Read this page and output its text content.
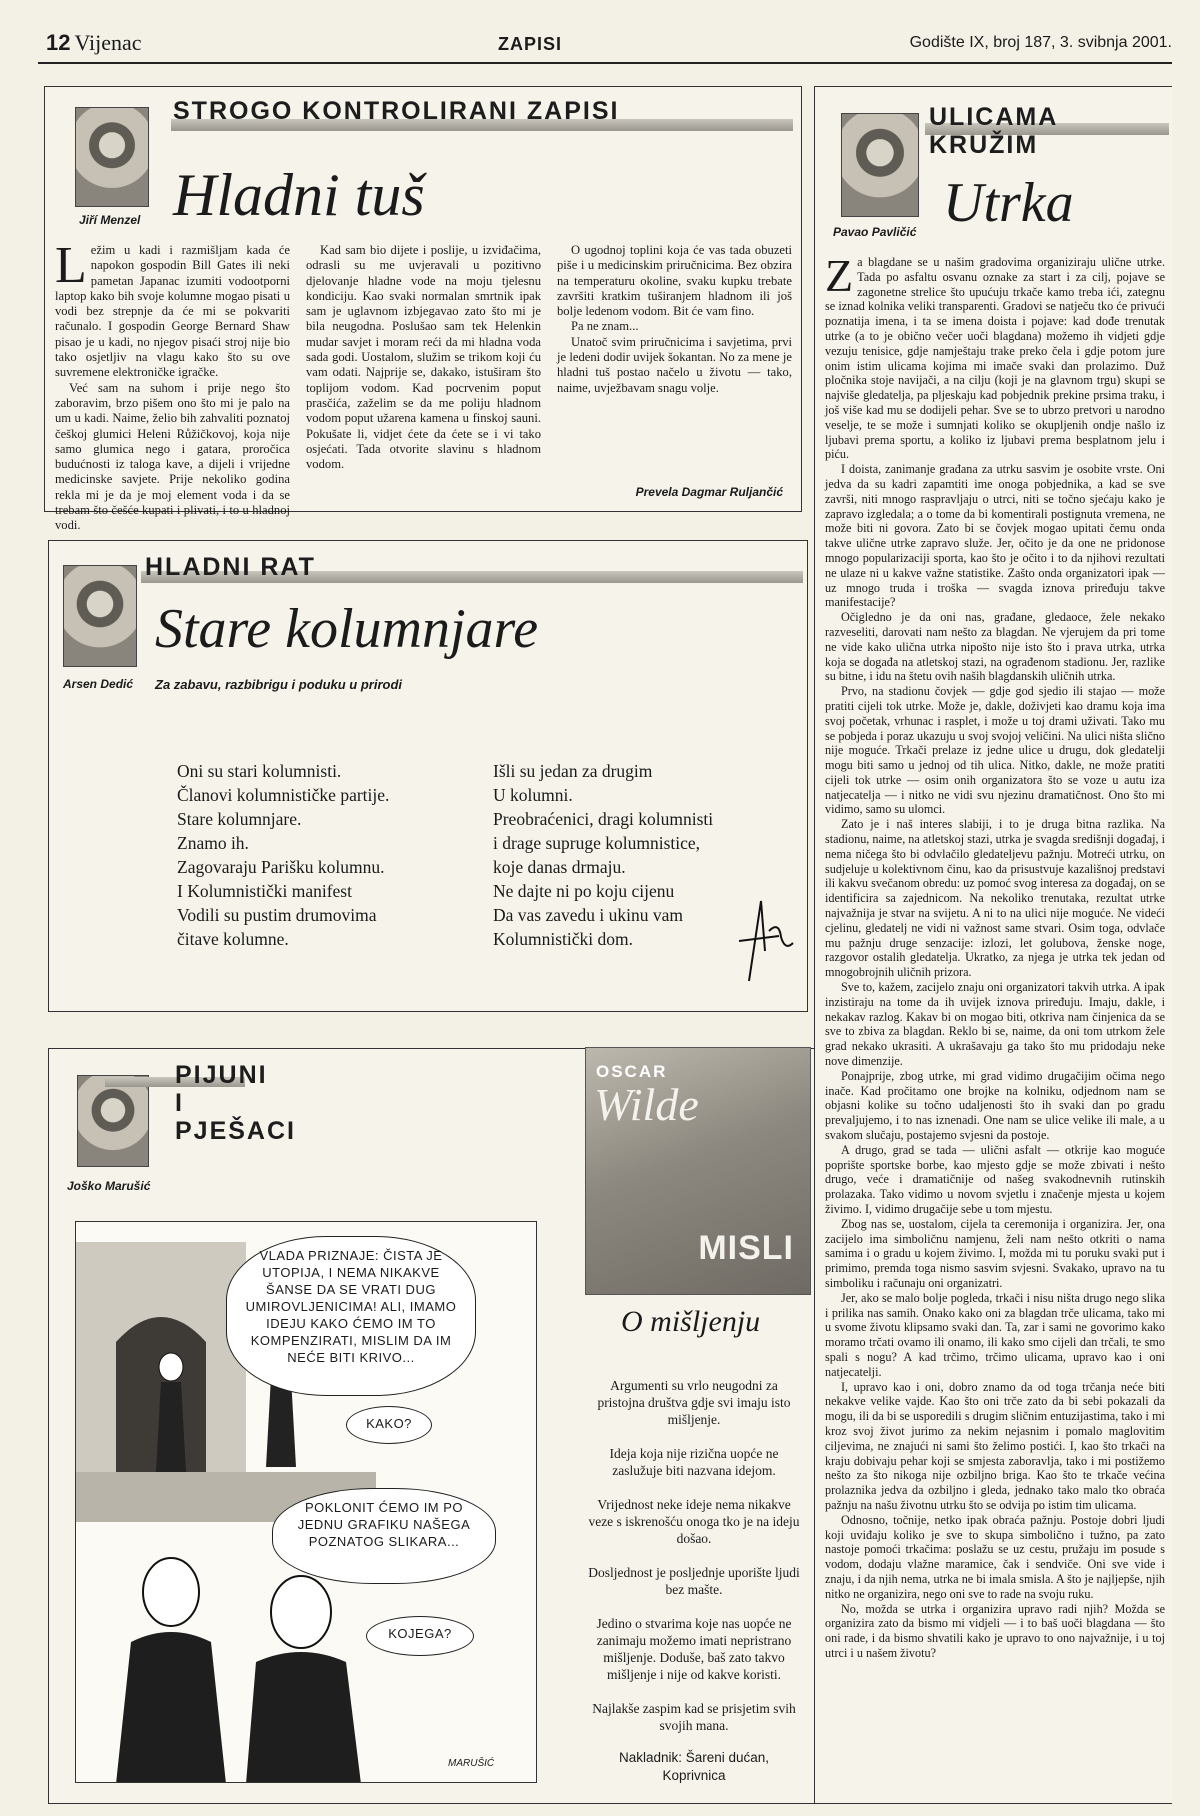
12 Vijenac	ZAPISI	Godište IX, broj 187, 3. svibnja 2001.
Jiří Menzel
STROGO KONTROLIRANI ZAPISI
Hladni tuš

Ležim u kadi i razmišljam kada će napokon gospodin Bill Gates ili neki pametan Japanac izumiti vodootporni laptop kako bih svoje kolumne mogao pisati u vodi bez strepnje da će mi se pokvariti računalo. I gospodin George Bernard Shaw pisao je u kadi, no njegov pisaći stroj nije bio tako osjetljiv na vlagu kako što su ove suvremene elektroničke igračke.

Već sam na suhom i prije nego što zaboravim, brzo pišem ono što mi je palo na um u kadi. Naime, želio bih zahvaliti poznatoj češkoj glumici Heleni Růžičkovoj, koja nije samo glumica nego i gatara, proročica budućnosti iz taloga kave, a dijeli i vrijedne medicinske savjete. Prije nekoliko godina rekla mi je da je moj element voda i da se trebam što češće kupati i plivati, i to u hladnoj vodi.

Kad sam bio dijete i poslije, u izviđačima, odrasli su me uvjeravali u pozitivno djelovanje hladne vode na moju tjelesnu kondiciju. Kao svaki normalan smrtnik ipak sam je uglavnom izbjegavao zato što mi je bila neugodna. Poslušao sam tek Helenkin mudar savjet i moram reći da mi hladna voda sada godi. Uostalom, služim se trikom koji ću vam odati. Najprije se, dakako, istuširam što toplijom vodom. Kad pocrvenim poput prasčića, zaželim se da me poliju hladnom vodom poput užarena kamena u finskoj sauni. Pokušate li, vidjet ćete da ćete se i vi tako osjećati. Tada otvorite slavinu s hladnom vodom.

O ugodnoj toplini koja će vas tada obuzeti piše i u medicinskim priručnicima. Bez obzira na temperaturu okoline, svaku kupku trebate završiti kratkim tuširanjem hladnom ili još bolje ledenom vodom. Bit će vam fino.

Pa ne znam...

Unatoč svim priručnicima i savjetima, prvi je ledeni dodir uvijek šokantan. No za mene je hladni tuš postao načelo u životu — tako, naime, uvježbavam snagu volje.

Prevela Dagmar Ruljančić
Arsen Dedić
HLADNI RAT
Stare kolumnjare
Za zabavu, razbibrigu i poduku u prirodi
Oni su stari kolumnisti.
Članovi kolumnističke partije.
Stare kolumnjare.
Znamo ih.
Zagovaraju Parišku kolumnu.
I Kolumnistički manifest
Vodili su pustim drumovima
čitave kolumne.
Išli su jedan za drugim
U kolumni.
Preobraćenici, dragi kolumnisti
i drage supruge kolumnistice,
koje danas drmaju.
Ne dajte ni po koju cijenu
Da vas zavedu i ukinu vam
Kolumnistički dom.
Joško Marušić
PIJUNI
I
PJEŠACI
VLADA PRIZNAJE: ČISTA JE UTOPIJA, I NEMA NIKAKVE ŠANSE DA SE VRATI DUG UMIROVLJENICIMA! ALI, IMAMO IDEJU KAKO ĆEMO IM TO KOMPENZIRATI, MISLIM DA IM NEĆE BITI KRIVO...
KAKO?
POKLONIT ĆEMO IM PO JEDNU GRAFIKU NAŠEGA POZNATOG SLIKARA...
KOJEGA?
MARUŠIĆ
OSCAR
Wilde
MISLI
O mišljenju

Argumenti su vrlo neugodni za pristojna društva gdje svi imaju isto mišljenje.

Ideja koja nije rizična uopće ne zaslužuje biti nazvana idejom.

Vrijednost neke ideje nema nikakve veze s iskrenošću onoga tko je na ideju došao.

Dosljednost je posljednje uporište ljudi bez mašte.

Jedino o stvarima koje nas uopće ne zanimaju možemo imati nepristrano mišljenje. Doduše, baš zato takvo mišljenje i nije od kakve koristi.

Najlakše zaspim kad se prisjetim svih svojih mana.

Nakladnik: Šareni dućan,
Koprivnica
Pavao Pavličić
ULICAMA
KRUŽIM
Utrka

Za blagdane se u našim gradovima organiziraju ulične utrke. Tada po asfaltu osvanu oznake za start i za cilj, pojave se zagonetne strelice što upućuju trkače kamo treba ići, zategnu se iznad kolnika veliki transparenti. Gradovi se natječu tko će privući poznatija imena, i ta se imena doista i pojave: kad dođe trenutak utrke (a to je obično večer uoči blagdana) možemo ih vidjeti gdje vezuju tenisice, gdje namještaju trake preko čela i gdje potom jure onim istim ulicama kojima mi imače svaki dan prolazimo. Duž pločnika stoje navijači, a na cilju (koji je na glavnom trgu) skupi se najviše gledatelja, pa pljeskaju kad pobjednik prekine prsima traku, i još više kad mu se dodijeli pehar. Sve se to ubrzo pretvori u narodno veselje, te se može i sumnjati koliko se okupljenih ondje našlo iz ljubavi prema sportu, a koliko iz ljubavi prema besplatnom jelu i piću.

I doista, zanimanje građana za utrku sasvim je osobite vrste. Oni jedva da su kadri zapamtiti ime onoga pobjednika, a kad se sve završi, niti mnogo raspravljaju o utrci, niti se točno sjećaju kako je zapravo izgledala; a o tome da bi komentirali postignuta vremena, ne može biti ni govora. Zato bi se čovjek mogao upitati čemu onda takve ulične utrke zapravo služe. Jer, očito je da one ne pridonose mnogo popularizaciji sporta, kao što je očito i to da njihovi rezultati ne ulaze ni u kakve važne statistike. Zašto onda organizatori ipak — uz mnogo truda i troška — svagda iznova priređuju takve manifestacije?

Očigledno je da oni nas, građane, gledaoce, žele nekako razveseliti, darovati nam nešto za blagdan. Ne vjerujem da pri tome ne vide kako ulična utrka nipošto nije isto što i prava utrka, utrka koja se događa na atletskoj stazi, na ograđenom stadionu. Jer, razlike su bitne, i idu na štetu ovih naših blagdanskih uličnih utrka.

Prvo, na stadionu čovjek — gdje god sjedio ili stajao — može pratiti cijeli tok utrke. Može je, dakle, doživjeti kao dramu koja ima svoj početak, vrhunac i rasplet, i može u toj drami uživati. Tako mu se pobjeda i poraz ukazuju u svoj svojoj veličini. Na ulici ništa slično nije moguće. Trkači prelaze iz jedne ulice u drugu, dok gledatelji mogu biti samo u jednoj od tih ulica. Nitko, dakle, ne može pratiti cijeli tok utrke — osim onih organizatora što se voze u autu iza natjecatelja — i nitko ne vidi svu njezinu dramatičnost. Ono što mi vidimo, samo su ulomci.

Zato je i naš interes slabiji, i to je druga bitna razlika. Na stadionu, naime, na atletskoj stazi, utrka je svagda središnji događaj, i nema ničega što bi odvlačilo gledateljevu pažnju. Motreći utrku, on sudjeluje u kolektivnom činu, kao da prisustvuje kazališnoj predstavi ili kakvu svečanom obredu: uz pomoć svog interesa za događaj, on se identificira sa zajednicom. Na nekoliko trenutaka, rezultat utrke najvažnija je stvar na svijetu. A ni to na ulici nije moguće. Ne videći cjelinu, gledatelj ne vidi ni važnost same stvari. Osim toga, odvlače mu pažnju druge senzacije: izlozi, let golubova, ženske noge, razgovor ostalih gledatelja. Ukratko, za njega je utrka tek jedan od mnogobrojnih uličnih prizora.

Sve to, kažem, zacijelo znaju oni organizatori takvih utrka. A ipak inzistiraju na tome da ih uvijek iznova priređuju. Imaju, dakle, i nekakav razlog. Kakav bi on mogao biti, otkriva nam činjenica da se sve to zbiva za blagdan. Reklo bi se, naime, da oni tom utrkom žele grad nekako ukrasiti. A ukrašavaju ga tako što mu pridodaju neke nove dimenzije.

Ponajprije, zbog utrke, mi grad vidimo drugačijim očima nego inače. Kad pročitamo one brojke na kolniku, odjednom nam se objasni kolike su točno udaljenosti što ih svaki dan po gradu prevaljujemo, i to nas iznenadi. One nam se ulice velike ili male, a u svakom slučaju, postajemo svjesni da postoje.

A drugo, grad se tada — ulični asfalt — otkrije kao moguće poprište sportske borbe, kao mjesto gdje se može zbivati i nešto drugo, veće i dramatičnije od našeg svakodnevnih rutinskih prolazaka. Tako vidimo u novom svjetlu i značenje mjesta u kojem živimo. I, vidimo drugačije sebe u tom mjestu.

Zbog nas se, uostalom, cijela ta ceremonija i organizira. Jer, ona zacijelo ima simboličnu namjenu, želi nam nešto otkriti o nama samima i o gradu u kojem živimo. I, možda mi tu poruku svaki put i primimo, premda toga nismo sasvim svjesni. Svakako, upravo na tu simboliku i računaju oni organizatri.

Jer, ako se malo bolje pogleda, trkači i nisu ništa drugo nego slika i prilika nas samih. Onako kako oni za blagdan trče ulicama, tako mi u svome životu klipsamo svaki dan. Ta, zar i sami ne govorimo kako moramo trčati ovamo ili onamo, ili kako smo cijeli dan trčali, te smo spali s nogu? A kad trčimo, trčimo ulicama, upravo kao i oni natjecatelji.

I, upravo kao i oni, dobro znamo da od toga trčanja neće biti nekakve velike vajde. Kao što oni trče zato da bi sebi pokazali da mogu, ili da bi se usporedili s drugim sličnim entuzijastima, tako i mi kroz svoj život jurimo za nekim nejasnim i pomalo maglovitim ciljevima, ne znajući ni sami što želimo postići. I, kao što trkači na kraju dobivaju pehar koji se smjesta zaboravlja, tako i mi postižemo nešto za što nikoga nije ozbiljno briga. Kao što te trkače većina prolaznika jedva da ozbiljno i gleda, jednako tako malo tko obraća pažnju na našu životnu utrku što se odvija po istim tim ulicama.

Odnosno, točnije, netko ipak obraća pažnju. Postoje dobri ljudi koji uviđaju koliko je sve to skupa simbolično i tužno, pa zato nastoje pomoći trkačima: poslažu se uz cestu, pružaju im posude s vodom, dodaju vlažne maramice, čak i sendviče. Oni sve vide i znaju, i da njih nema, utrka ne bi imala smisla. A što je najljepše, njih nitko ne organizira, nego oni sve to rade na svoju ruku.

No, možda se utrka i organizira upravo radi njih? Možda se organizira zato da bismo mi vidjeli — i to baš uoči blagdana — što oni rade, i da bismo shvatili kako je upravo to ono najvažnije, i u toj utrci i u našem životu?
